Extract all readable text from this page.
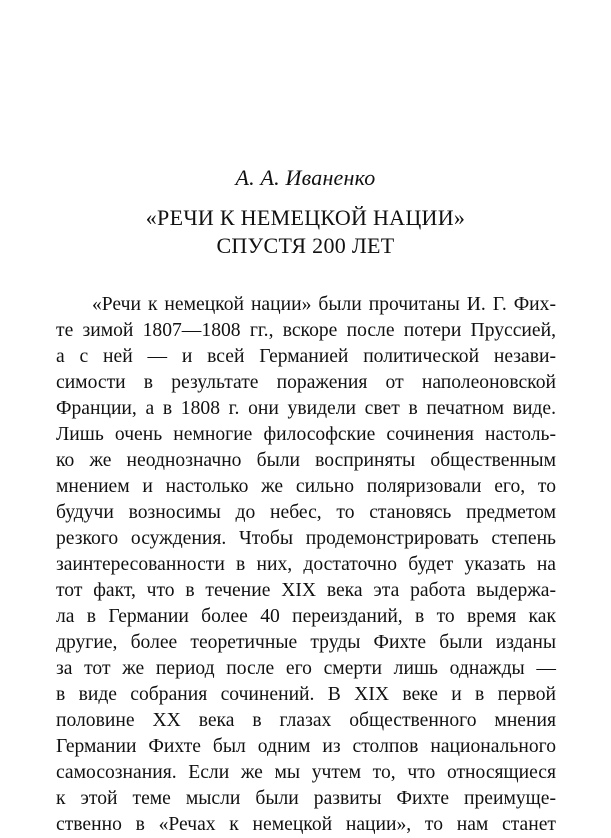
А. А. Иваненко
«РЕЧИ К НЕМЕЦКОЙ НАЦИИ»
СПУСТЯ 200 ЛЕТ
«Речи к немецкой нации» были прочитаны И. Г. Фих-
те зимой 1807—1808 гг., вскоре после потери Пруссией,
а с ней — и всей Германией политической незави-
симости в результате поражения от наполеоновской
Франции, а в 1808 г. они увидели свет в печатном виде.
Лишь очень немногие философские сочинения настоль-
ко же неоднозначно были восприняты общественным
мнением и настолько же сильно поляризовали его, то
будучи возносимы до небес, то становясь предметом
резкого осуждения. Чтобы продемонстрировать степень
заинтересованности в них, достаточно будет указать на
тот факт, что в течение XIX века эта работа выдержа-
ла в Германии более 40 переизданий, в то время как
другие, более теоретичные труды Фихте были изданы
за тот же период после его смерти лишь однажды —
в виде собрания сочинений. В XIX веке и в первой
половине XX века в глазах общественного мнения
Германии Фихте был одним из столпов национального
самосознания. Если же мы учтем то, что относящиеся
к этой теме мысли были развиты Фихте преимуще-
ственно в «Речах к немецкой нации», то нам станет
